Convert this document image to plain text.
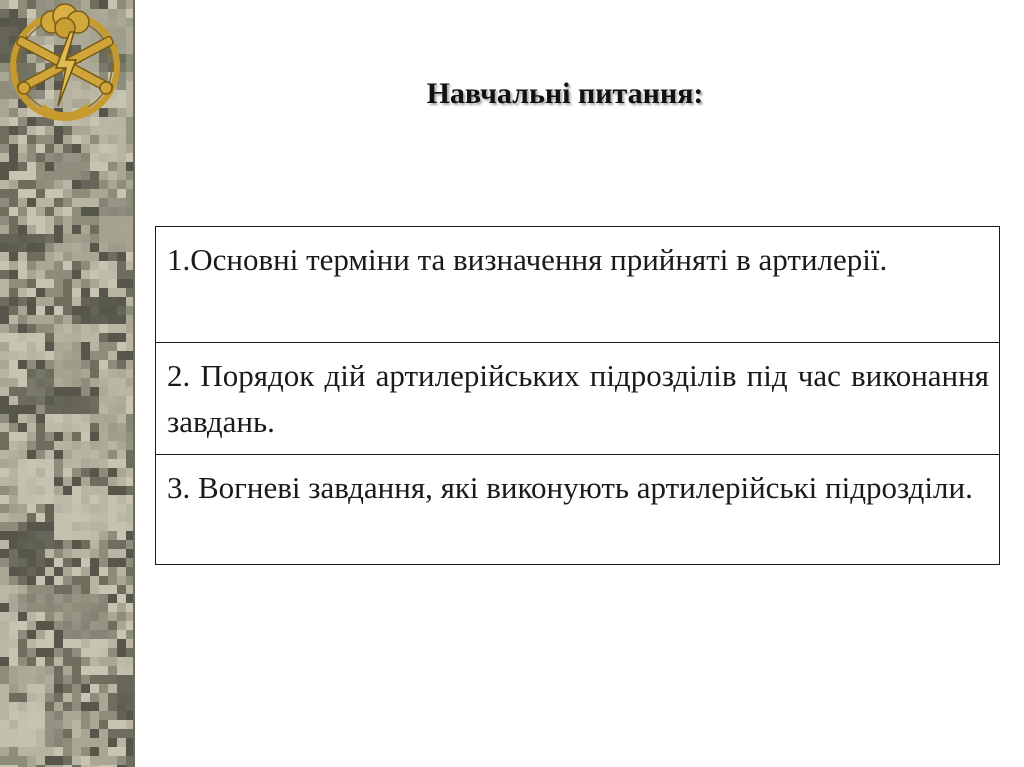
Навчальні питання:
1.Основні терміни та визначення прийняті в артилерії.
2. Порядок дій артилерійських підрозділів під час виконання завдань.
3. Вогневі завдання, які виконують артилерійські підрозділи.
